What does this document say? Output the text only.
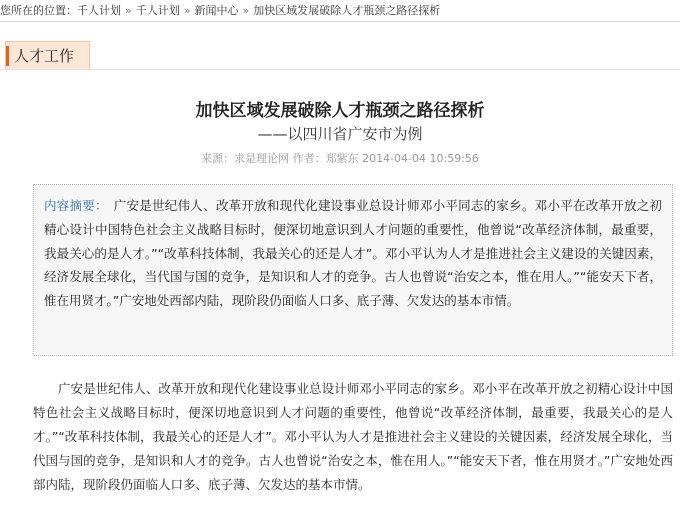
您所在的位置：千人计划 » 千人计划 » 新闻中心 » 加快区域发展破除人才瓶颈之路径探析
人才工作
加快区域发展破除人才瓶颈之路径探析
——以四川省广安市为例
来源：求是理论网 作者：郑紫东 2014-04-04 10:59:56
内容摘要： 广安是世纪伟人、改革开放和现代化建设事业总设计师邓小平同志的家乡。邓小平在改革开放之初精心设计中国特色社会主义战略目标时，便深切地意识到人才问题的重要性，他曾说“改革经济体制，最重要，我最关心的是人才。”“改革科技体制，我最关心的还是人才”。邓小平认为人才是推进社会主义建设的关键因素，经济发展全球化，当代国与国的竞争，是知识和人才的竞争。古人也曾说“治安之本，惟在用人。”“能安天下者，惟在用贤才。”广安地处西部内陆，现阶段仍面临人口多、底子薄、欠发达的基本市情。

广安是世纪伟人、改革开放和现代化建设事业总设计师邓小平同志的家乡。邓小平在改革开放之初精心设计中国特色社会主义战略目标时，便深切地意识到人才问题的重要性，他曾说“改革经济体制，最重要，我最关心的是人才。”“改革科技体制，我最关心的还是人才”。邓小平认为人才是推进社会主义建设的关键因素，经济发展全球化，当代国与国的竞争，是知识和人才的竞争。古人也曾说“治安之本，惟在用人。”“能安天下者，惟在用贤才。”广安地处西部内陆，现阶段仍面临人口多、底子薄、欠发达的基本市情。
